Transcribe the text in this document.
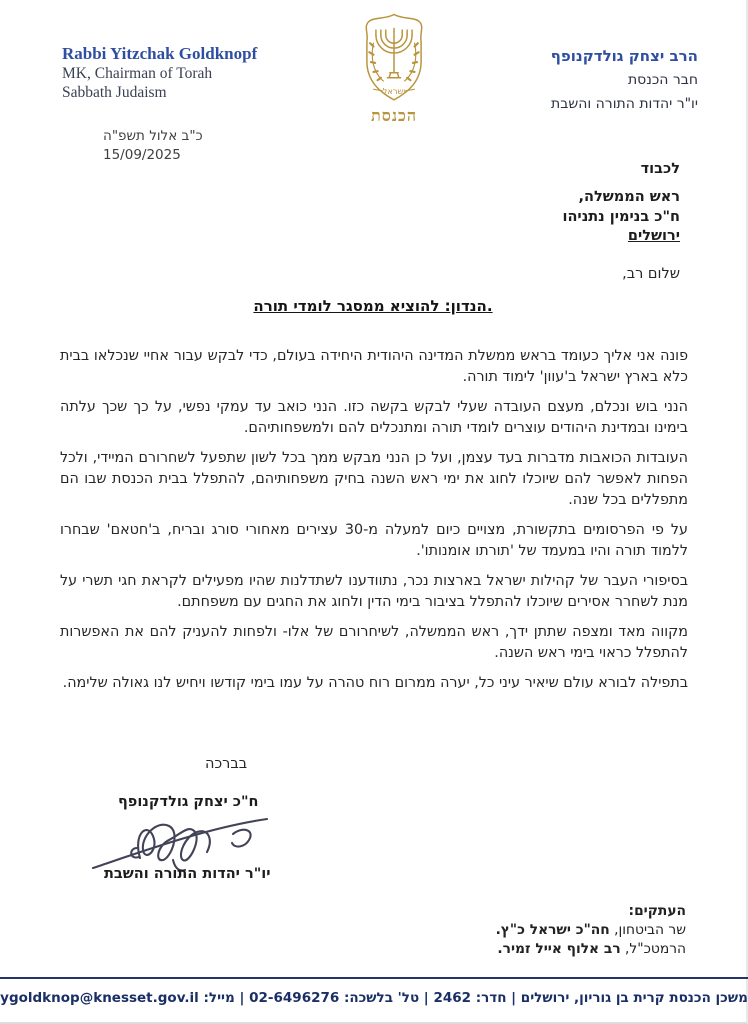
Rabbi Yitzchak Goldknopf
MK, Chairman of Torah
Sabbath Judaism	ישראל
הכנסת
הרב יצחק גולדקנופף
חבר הכנסת
יו"ר יהדות התורה והשבת
כ"ב אלול תשפ"ה
15/09/2025
לכבוד
ראש הממשלה,
ח"כ בנימין נתניהו
ירושלים
שלום רב,
הנדון: להוציא ממסגר לומדי תורה.

פונה אני אליך כעומד בראש ממשלת המדינה היהודית היחידה בעולם, כדי לבקש עבור אחיי שנכלאו בבית כלא בארץ ישראל ב'עוון' לימוד תורה.

הנני בוש ונכלם, מעצם העובדה שעלי לבקש בקשה כזו. הנני כואב עד עמקי נפשי, על כך שכך עלתה בימינו ובמדינת היהודים עוצרים לומדי תורה ומתנכלים להם ולמשפחותיהם.

העובדות הכואבות מדברות בעד עצמן, ועל כן הנני מבקש ממך בכל לשון שתפעל לשחרורם המיידי, ולכל הפחות לאפשר להם שיוכלו לחוג את ימי ראש השנה בחיק משפחותיהם, להתפלל בבית הכנסת שבו הם מתפללים בכל שנה.

על פי הפרסומים בתקשורת, מצויים כיום למעלה מ-30 עצירים מאחורי סורג ובריח, ב'חטאם' שבחרו ללמוד תורה והיו במעמד של 'תורתו אומנותו'.

בסיפורי העבר של קהילות ישראל בארצות נכר, נתוודענו לשתדלנות שהיו מפעילים לקראת חגי תשרי על מנת לשחרר אסירים שיוכלו להתפלל בציבור בימי הדין ולחוג את החגים עם משפחתם.

מקווה מאד ומצפה שתתן ידך, ראש הממשלה, לשיחרורם של אלו- ולפחות להעניק להם את האפשרות להתפלל כראוי בימי ראש השנה.

בתפילה לבורא עולם שיאיר עיני כל, יערה ממרום רוח טהרה על עמו בימי קודשו ויחיש לנו גאולה שלימה.

בברכה
ח"כ יצחק גולדקנופף
יו"ר יהדות התורה והשבת
העתקים:
שר הביטחון, חה"כ ישראל כ"ץ.
הרמטכ"ל, רב אלוף אייל זמיר.
משכן הכנסת קרית בן גוריון, ירושלים | חדר: 2462 | טל' בלשכה: 02-6496276 | מייל: ygoldknop@knesset.gov.il
